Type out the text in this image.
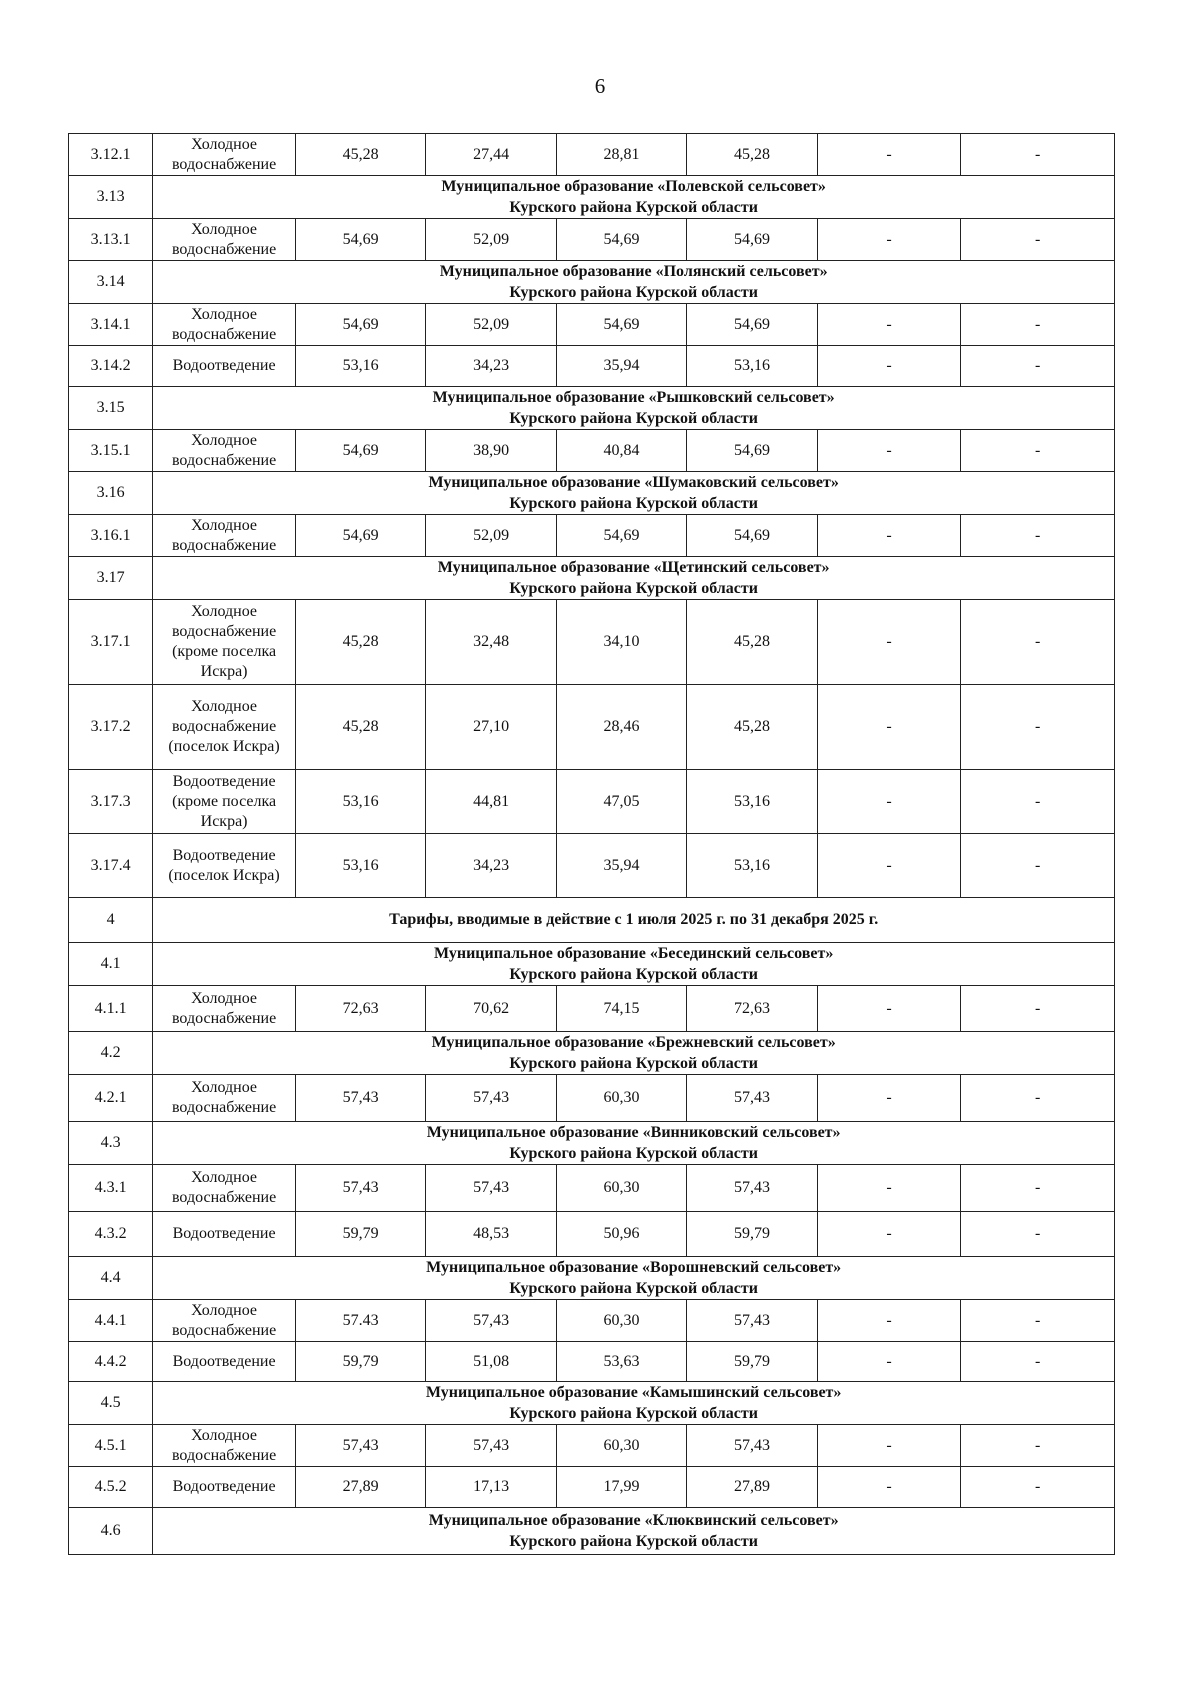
6
3.12.1	Холодное водоснабжение	45,28	27,44	28,81	45,28	-	-
3.13	Муниципальное образование «Полевской сельсовет»
Курского района Курской области						

3.13.1	Холодное водоснабжение	54,69	52,09	54,69	54,69	-	-
3.14	Муниципальное образование «Полянский сельсовет»
Курского района Курской области						

3.14.1	Холодное водоснабжение	54,69	52,09	54,69	54,69	-	-
3.14.2	Водоотведение	53,16	34,23	35,94	53,16	-	-
3.15	Муниципальное образование «Рышковский сельсовет»
Курского района Курской области						

3.15.1	Холодное водоснабжение	54,69	38,90	40,84	54,69	-	-
3.16	Муниципальное образование «Шумаковский сельсовет»
Курского района Курской области						

3.16.1	Холодное водоснабжение	54,69	52,09	54,69	54,69	-	-
3.17	Муниципальное образование «Щетинский сельсовет»
Курского района Курской области						

3.17.1	Холодное водоснабжение (кроме поселка Искра)	45,28	32,48	34,10	45,28	-	-
3.17.2	Холодное водоснабжение (поселок Искра)	45,28	27,10	28,46	45,28	-	-
3.17.3	Водоотведение (кроме поселка Искра)	53,16	44,81	47,05	53,16	-	-
3.17.4	Водоотведение (поселок Искра)	53,16	34,23	35,94	53,16	-	-
4	Тарифы, вводимые в действие с 1 июля 2025 г. по 31 декабря 2025 г.						
4.1	Муниципальное образование «Бесединский сельсовет»
Курского района Курской области						

4.1.1	Холодное водоснабжение	72,63	70,62	74,15	72,63	-	-
4.2	Муниципальное образование «Брежневский сельсовет»
Курского района Курской области						

4.2.1	Холодное водоснабжение	57,43	57,43	60,30	57,43	-	-
4.3	Муниципальное образование «Винниковский сельсовет»
Курского района Курской области						

4.3.1	Холодное водоснабжение	57,43	57,43	60,30	57,43	-	-
4.3.2	Водоотведение	59,79	48,53	50,96	59,79	-	-
4.4	Муниципальное образование «Ворошневский сельсовет»
Курского района Курской области						

4.4.1	Холодное водоснабжение	57.43	57,43	60,30	57,43	-	-
4.4.2	Водоотведение	59,79	51,08	53,63	59,79	-	-
4.5	Муниципальное образование «Камышинский сельсовет»
Курского района Курской области						

4.5.1	Холодное водоснабжение	57,43	57,43	60,30	57,43	-	-
4.5.2	Водоотведение	27,89	17,13	17,99	27,89	-	-
4.6	Муниципальное образование «Клюквинский сельсовет»
Курского района Курской области						
